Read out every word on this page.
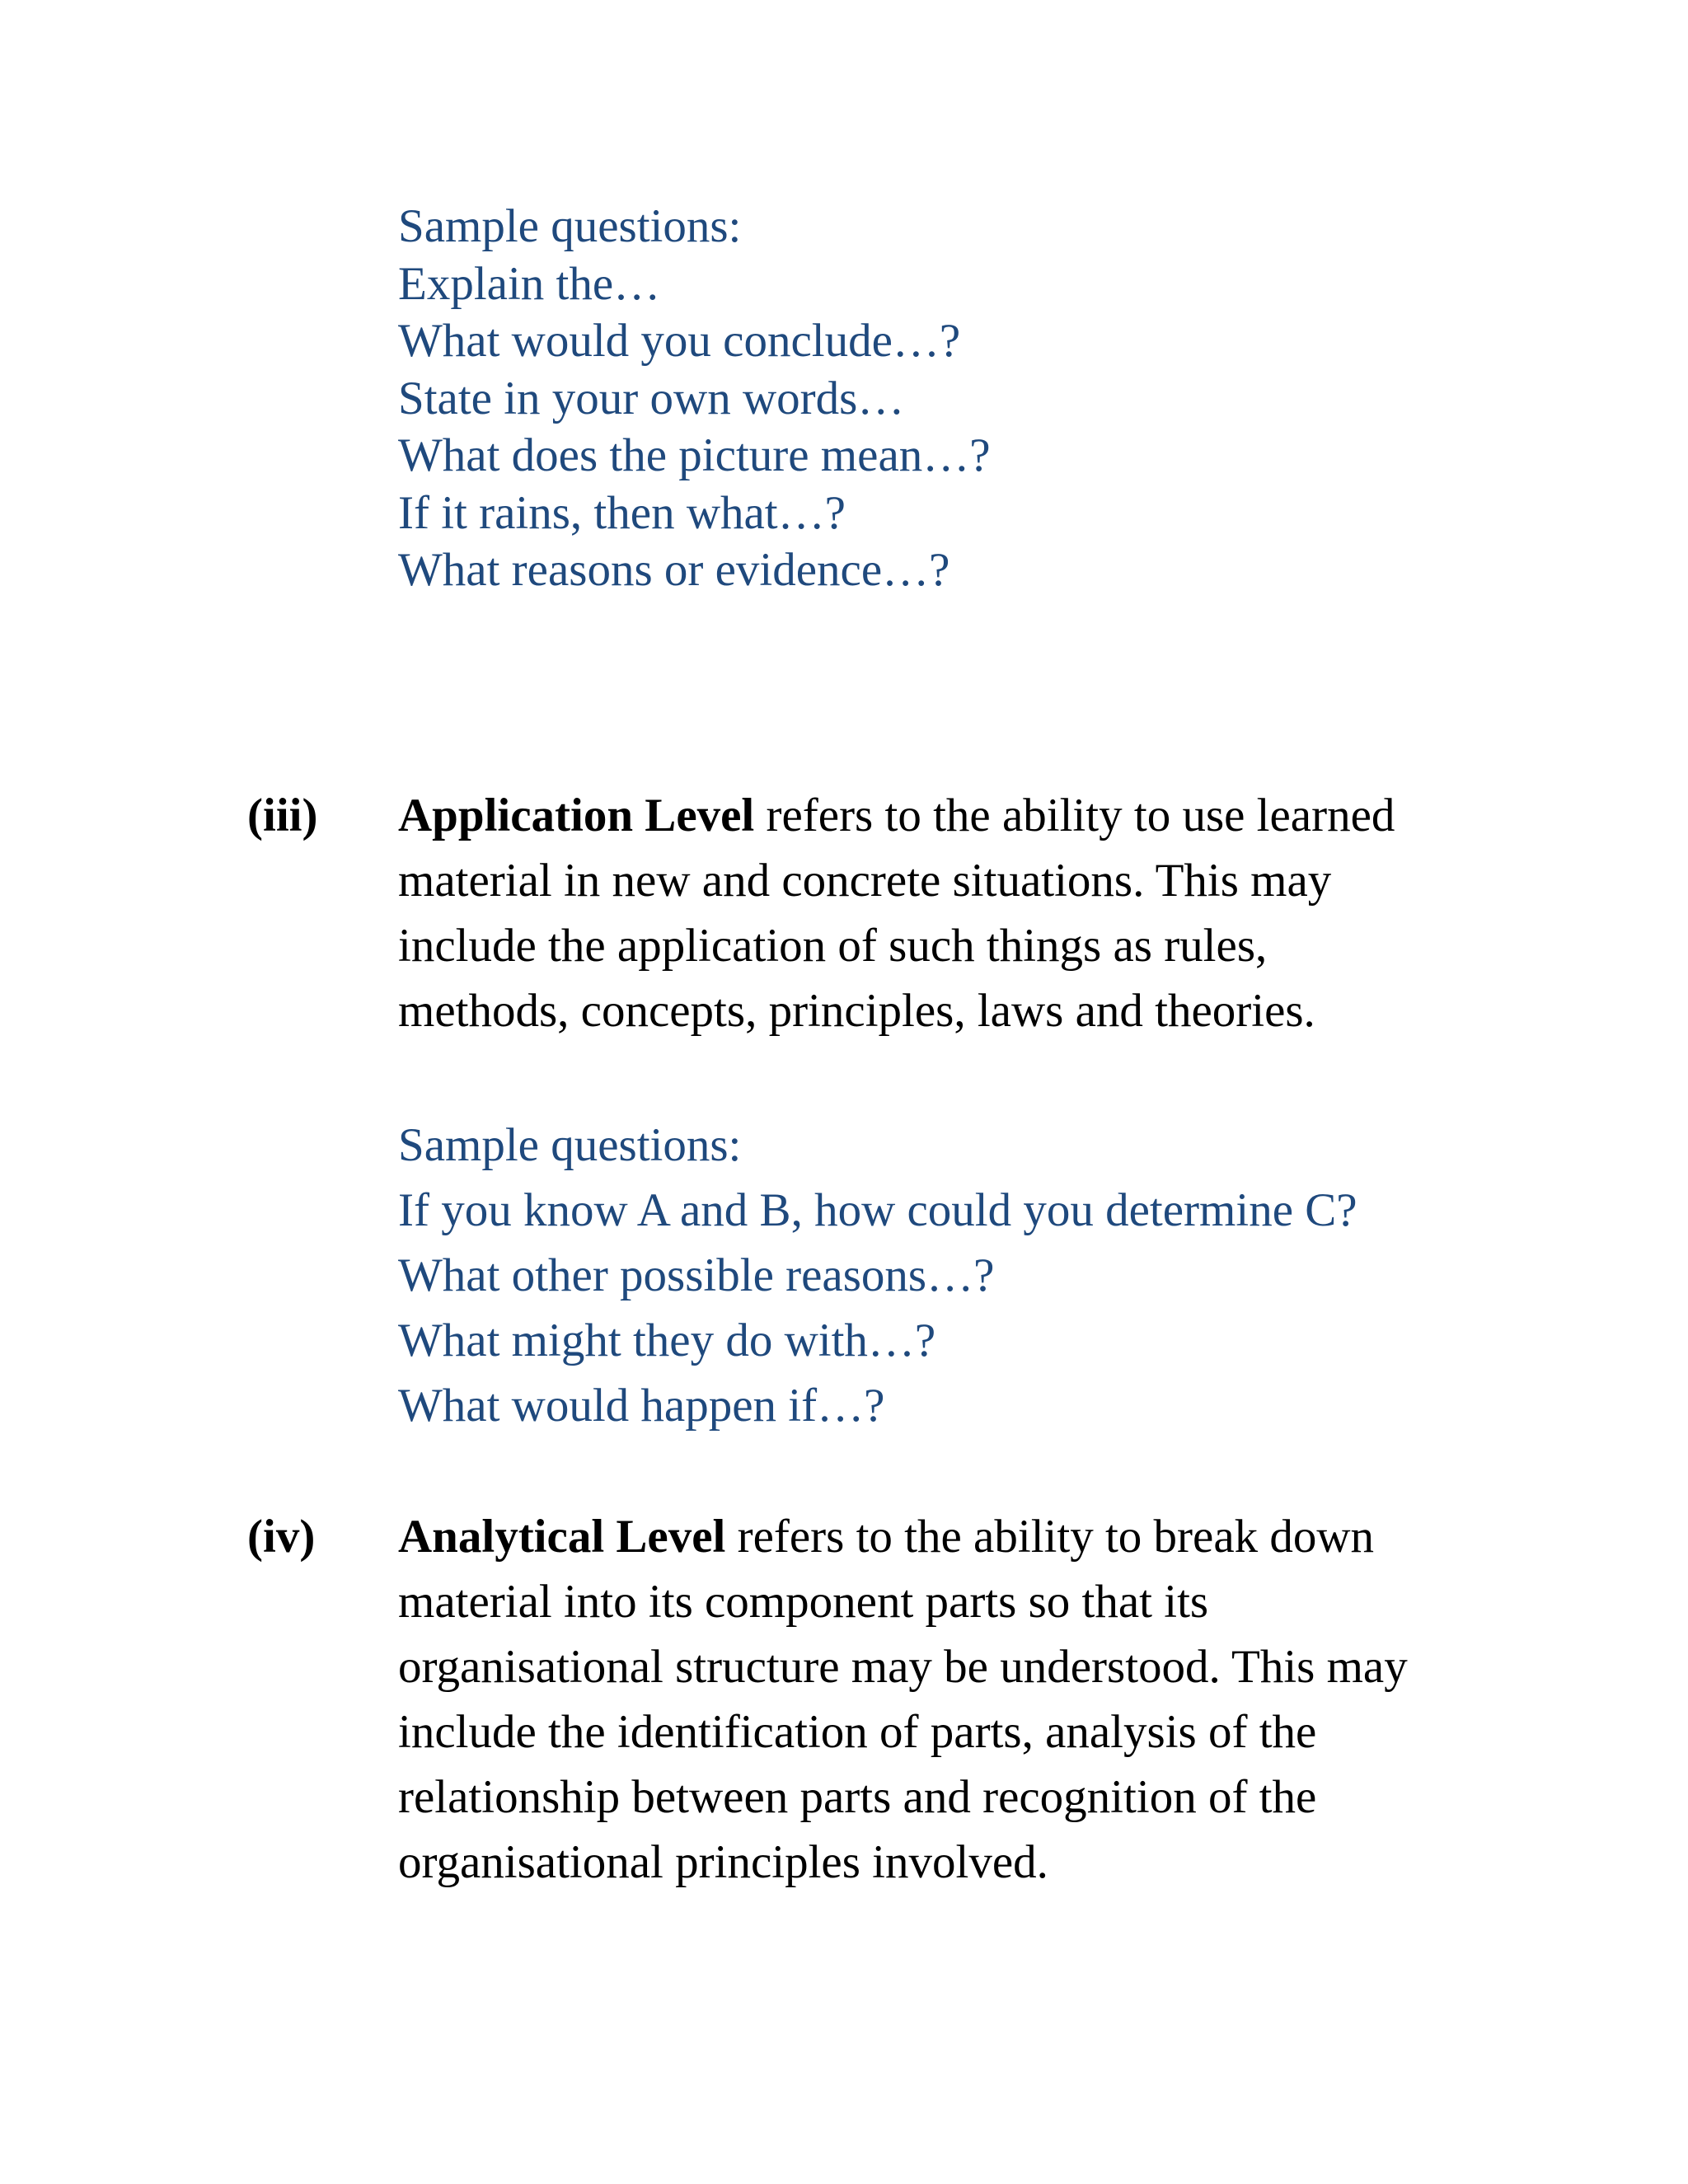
Sample questions:
Explain the…
What would you conclude…?
State in your own words…
What does the picture mean…?
If it rains, then what…?
What reasons or evidence…?
(iii) Application Level refers to the ability to use learned
material in new and concrete situations. This may
include the application of such things as rules,
methods, concepts, principles, laws and theories.
Sample questions:
If you know A and B, how could you determine C?
What other possible reasons…?
What might they do with…?
What would happen if…?
(iv) Analytical Level refers to the ability to break down
material into its component parts so that its
organisational structure may be understood. This may
include the identification of parts, analysis of the
relationship between parts and recognition of the
organisational principles involved.
